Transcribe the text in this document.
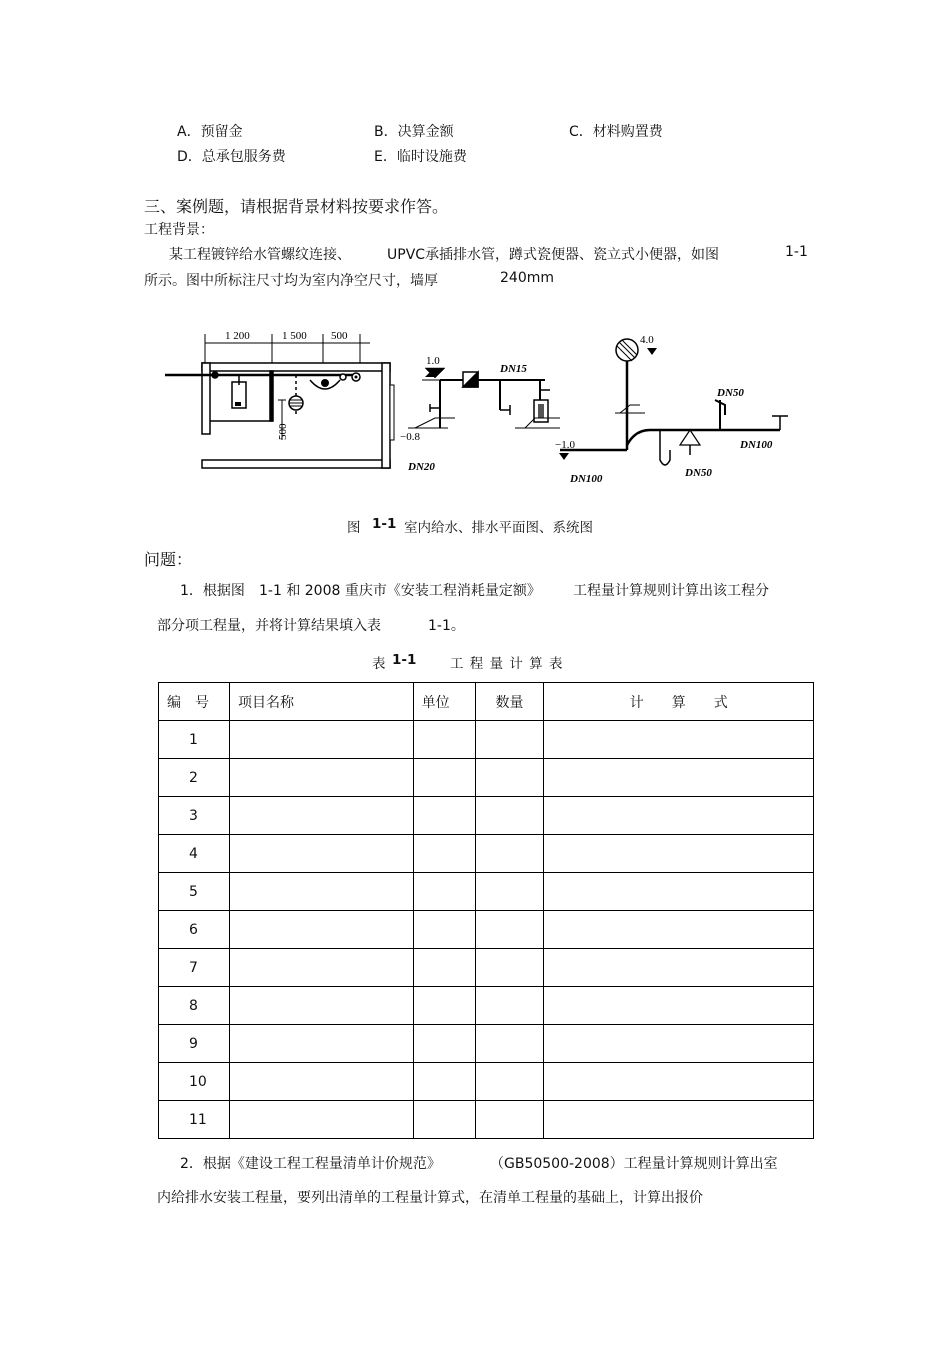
A．预留金	B．决算金额	C．材料购置费
D．总承包服务费	E．临时设施费
三、案例题，请根据背景材料按要求作答。
工程背景：
某工程镀锌给水管螺纹连接、	UPVC承插排水管，蹲式瓷便器、瓷立式小便器，如图	1-1
所示。图中所标注尺寸均为室内净空尺寸，墙厚	240mm
1 200	1 500 500
500
1.0
−0.8
DN20
DN15
4.0
DN50
−1.0
DN100
DN100
DN50
图 1-1 室内给水、排水平面图、系统图
问题：
1．根据图 1-1 和 2008 重庆市《安装工程消耗量定额》 工程量计算规则计算出该工程分
部分项工程量，并将计算结果填入表	1-1。
表 1-1 工 程 量 计 算 表
编　号	项目名称	单位	数量	计　　算　　式
1				
2				
3				
4				
5				
6				
7				
8				
9				
10				
11				
2．根据《建设工程工程量清单计价规范》	（GB50500-2008）工程量计算规则计算出室
内给排水安装工程量，要列出清单的工程量计算式，在清单工程量的基础上，计算出报价
